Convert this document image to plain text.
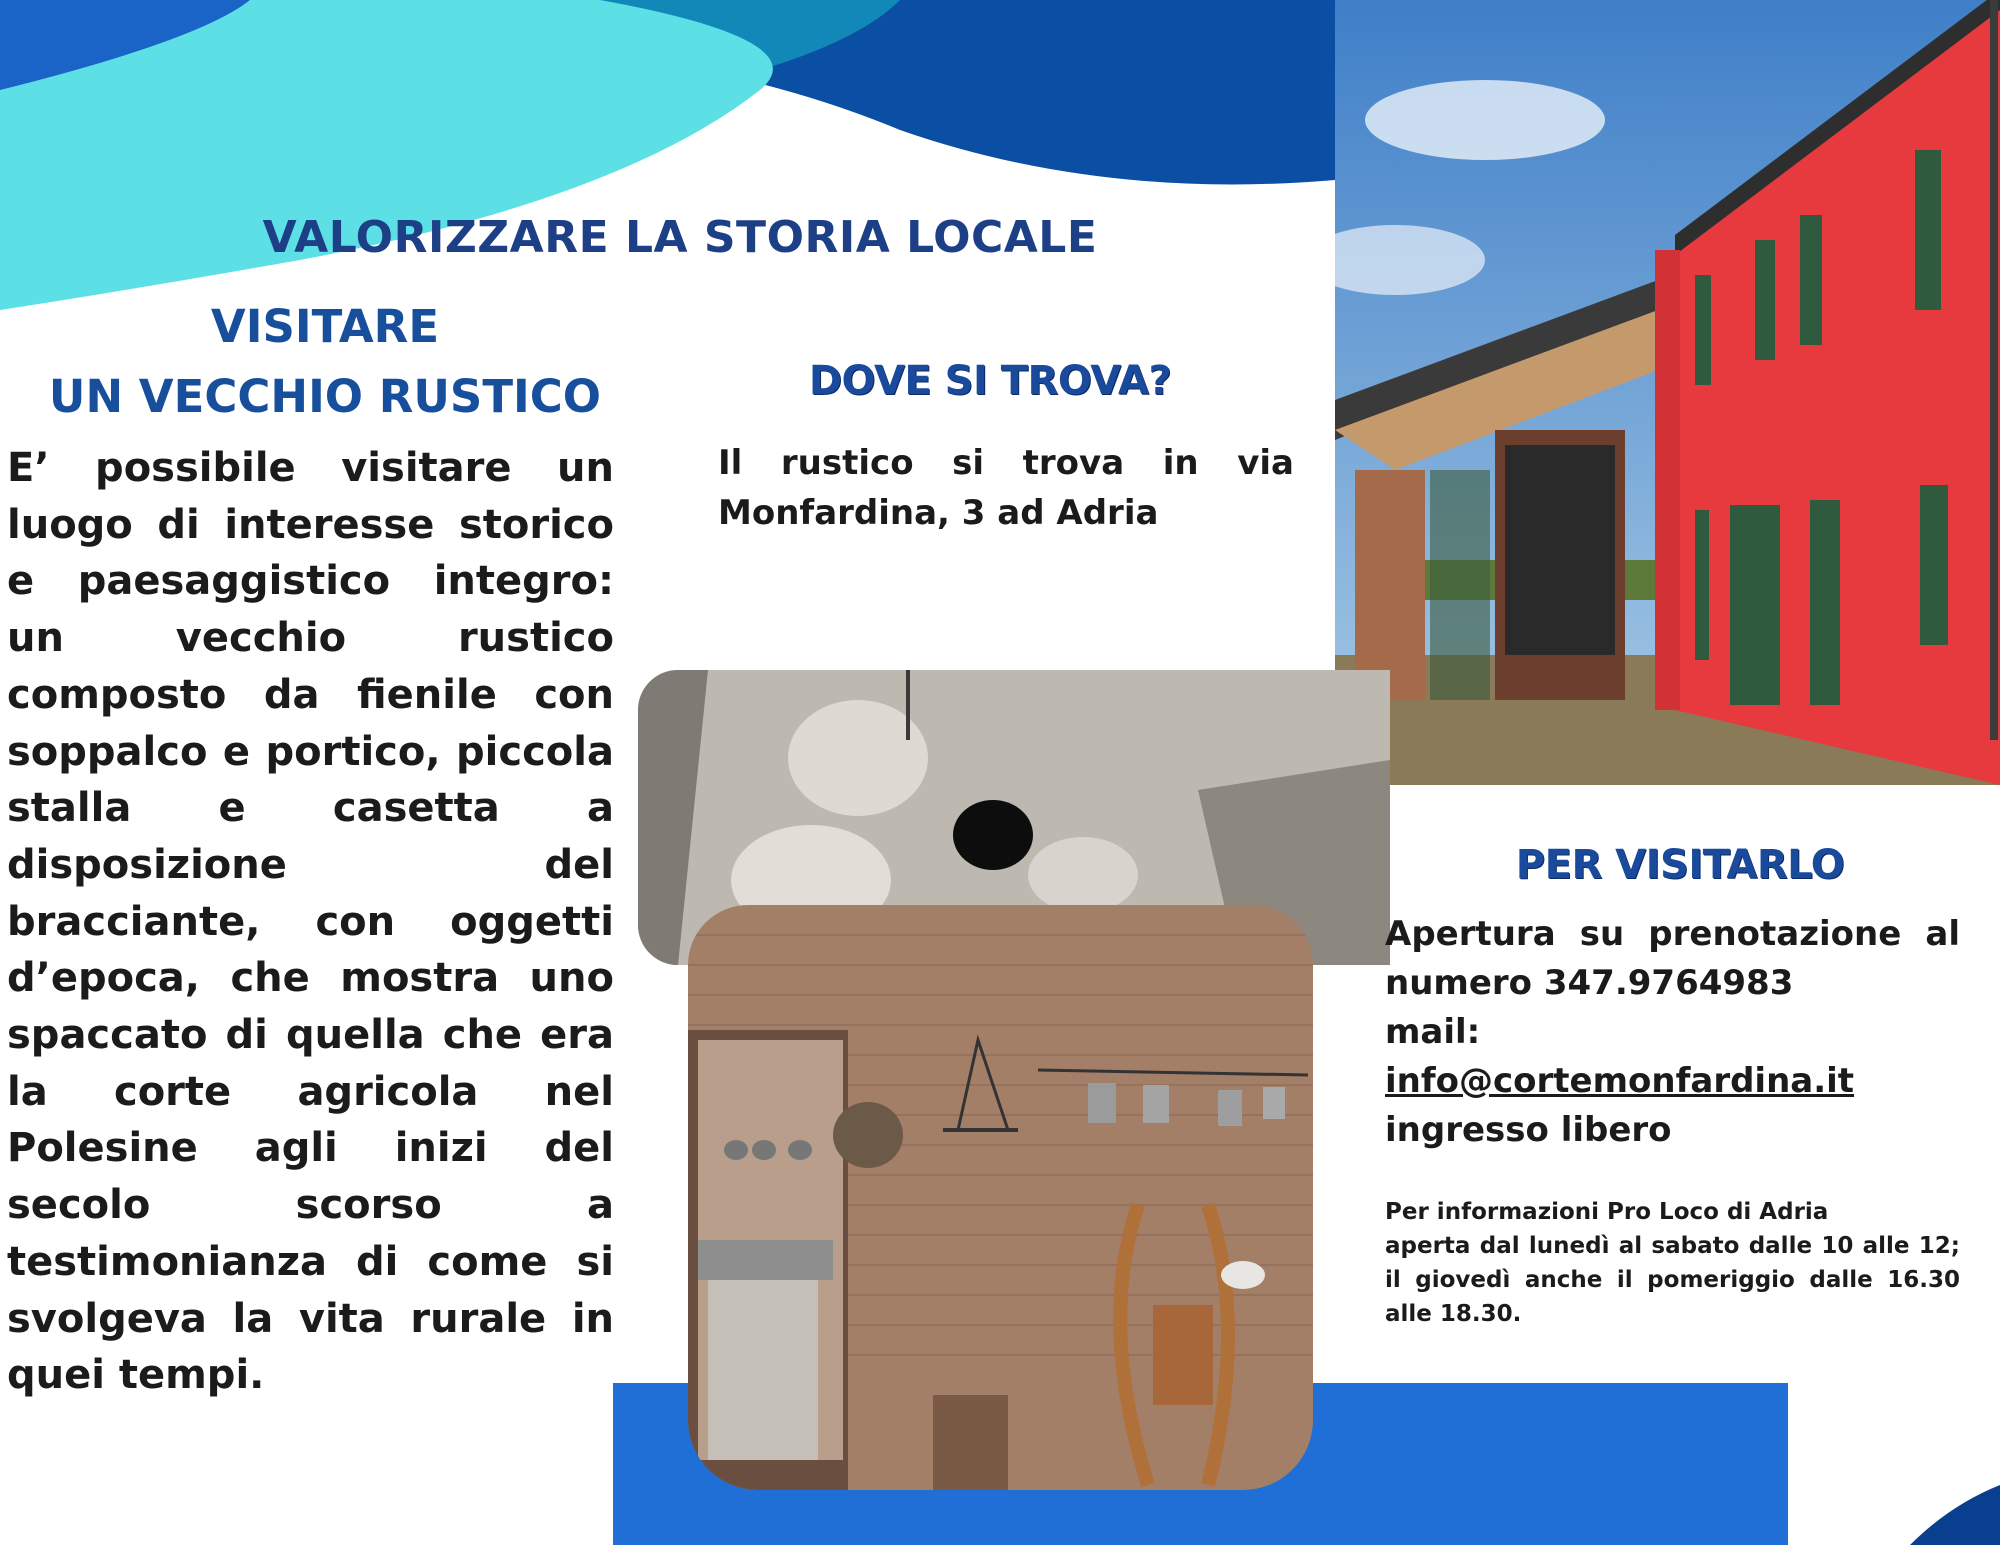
VALORIZZARE LA STORIA LOCALE
VISITARE
UN VECCHIO RUSTICO

E’ possibile visitare un luogo di interesse storico e paesaggistico integro: un vecchio rustico composto da fienile con soppalco e portico, piccola stalla e casetta a disposizione del bracciante, con oggetti d’epoca, che mostra uno spaccato di quella che era la corte agricola nel Polesine agli inizi del secolo scorso a testimonianza di come si svolgeva la vita rurale in quei tempi.

DOVE SI TROVA?

Il rustico si trova in via Monfardina, 3 ad Adria

PER VISITARLO
Apertura su prenotazione al
numero 347.9764983
mail: info@cortemonfardina.it
ingresso libero
Per informazioni Pro Loco di Adria
aperta dal lunedì al sabato dalle 10 alle 12; il giovedì anche il pomeriggio dalle 16.30 alle 18.30.
